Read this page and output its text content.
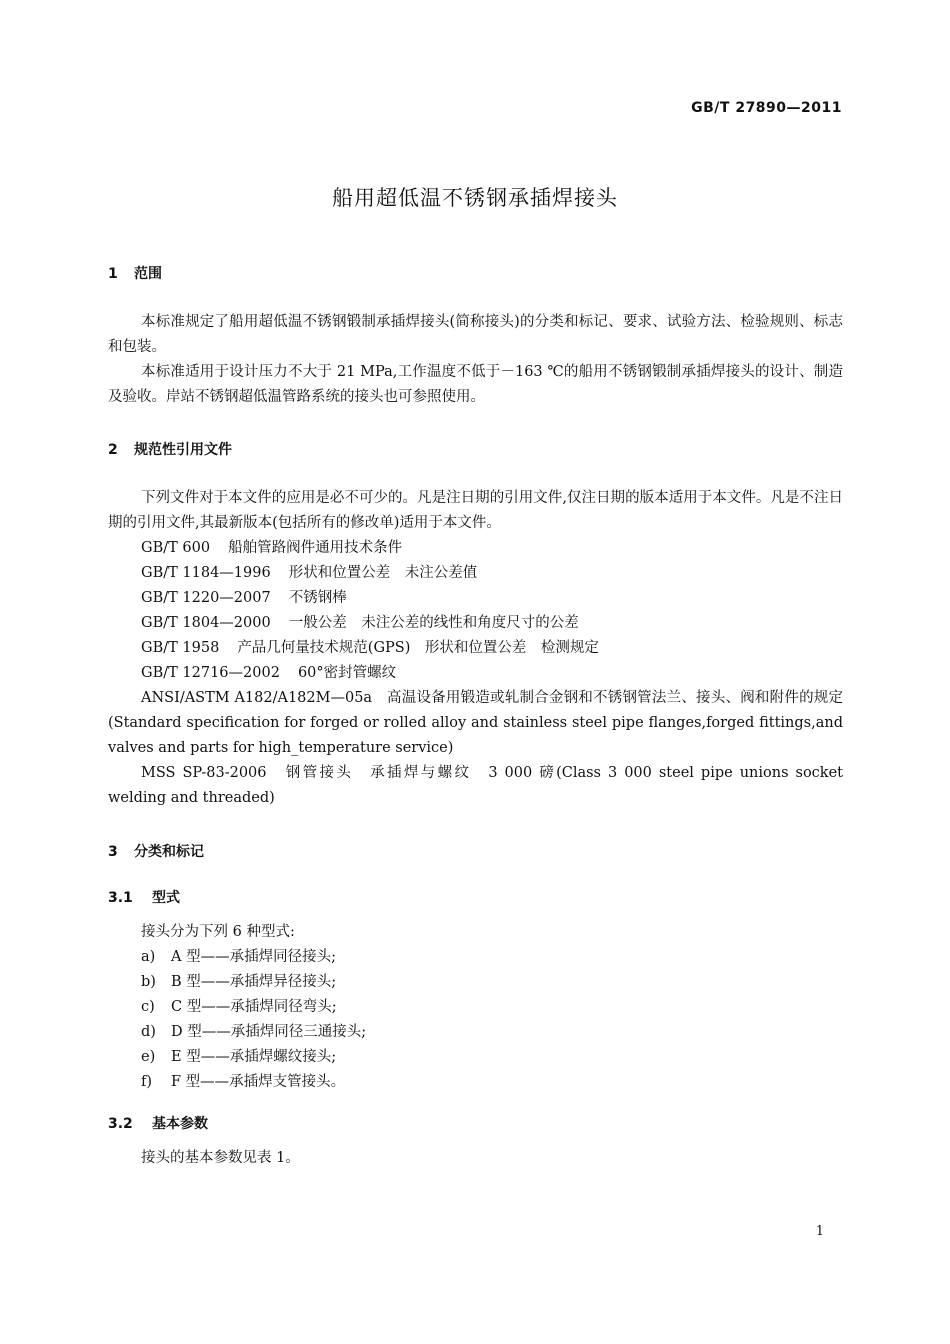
GB/T 27890—2011
船用超低温不锈钢承插焊接头
1 范围

本标准规定了船用超低温不锈钢锻制承插焊接头(简称接头)的分类和标记、要求、试验方法、检验规则、标志和包装。

本标准适用于设计压力不大于 21 MPa,工作温度不低于－163 ℃的船用不锈钢锻制承插焊接头的设计、制造及验收。岸站不锈钢超低温管路系统的接头也可参照使用。

2 规范性引用文件

下列文件对于本文件的应用是必不可少的。凡是注日期的引用文件,仅注日期的版本适用于本文件。凡是不注日期的引用文件,其最新版本(包括所有的修改单)适用于本文件。

GB/T 600 船舶管路阀件通用技术条件
GB/T 1184—1996 形状和位置公差　未注公差值
GB/T 1220—2007 不锈钢棒
GB/T 1804—2000 一般公差　未注公差的线性和角度尺寸的公差
GB/T 1958 产品几何量技术规范(GPS)　形状和位置公差　检测规定
GB/T 12716—2002 60°密封管螺纹

ANSI/ASTM A182/A182M—05a　高温设备用锻造或轧制合金钢和不锈钢管法兰、接头、阀和附件的规定(Standard specification for forged or rolled alloy and stainless steel pipe flanges,forged fittings,and valves and parts for high_temperature service)

MSS SP-83-2006　钢管接头　承插焊与螺纹　3 000 磅(Class 3 000 steel pipe unions socket welding and threaded)

3 分类和标记
3.1 型式
接头分为下列 6 种型式:
a) A 型——承插焊同径接头;
b) B 型——承插焊异径接头;
c) C 型——承插焊同径弯头;
d) D 型——承插焊同径三通接头;
e) E 型——承插焊螺纹接头;
f) F 型——承插焊支管接头。
3.2 基本参数
接头的基本参数见表 1。
1
